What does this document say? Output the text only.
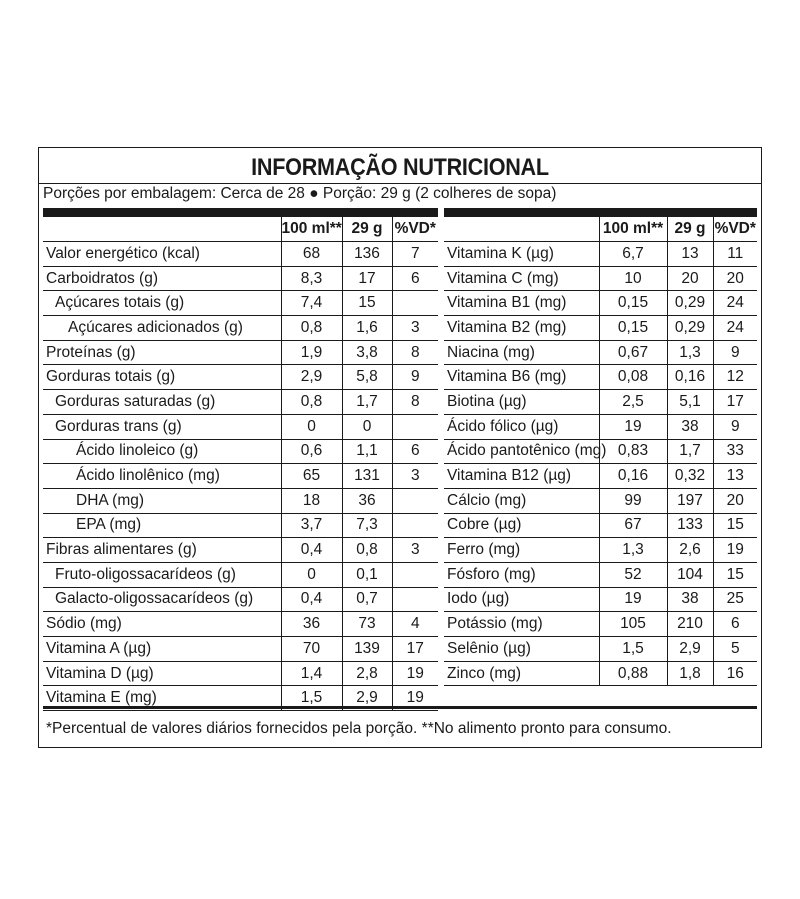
INFORMAÇÃO NUTRICIONAL
Porções por embalagem: Cerca de 28 ● Porção: 29 g (2 colheres de sopa)
	100 ml**	29 g	%VD*
Valor energético (kcal)	68	136	7
Carboidratos (g)	8,3	17	6
Açúcares totais (g)	7,4	15	
Açúcares adicionados (g)	0,8	1,6	3
Proteínas (g)	1,9	3,8	8
Gorduras totais (g)	2,9	5,8	9
Gorduras saturadas (g)	0,8	1,7	8
Gorduras trans (g)	0	0	
Ácido linoleico (g)	0,6	1,1	6
Ácido linolênico (mg)	65	131	3
DHA (mg)	18	36	
EPA (mg)	3,7	7,3	
Fibras alimentares (g)	0,4	0,8	3
Fruto-oligossacarídeos (g)	0	0,1	
Galacto-oligossacarídeos (g)	0,4	0,7	
Sódio (mg)	36	73	4
Vitamina A (µg)	70	139	17
Vitamina D (µg)	1,4	2,8	19
Vitamina E (mg)	1,5	2,9	19
	100 ml**	29 g	%VD*
Vitamina K (µg)	6,7	13	11
Vitamina C (mg)	10	20	20
Vitamina B1 (mg)	0,15	0,29	24
Vitamina B2 (mg)	0,15	0,29	24
Niacina (mg)	0,67	1,3	9
Vitamina B6 (mg)	0,08	0,16	12
Biotina (µg)	2,5	5,1	17
Ácido fólico (µg)	19	38	9
Ácido pantotênico (mg)	0,83	1,7	33
Vitamina B12 (µg)	0,16	0,32	13
Cálcio (mg)	99	197	20
Cobre (µg)	67	133	15
Ferro (mg)	1,3	2,6	19
Fósforo (mg)	52	104	15
Iodo (µg)	19	38	25
Potássio (mg)	105	210	6
Selênio (µg)	1,5	2,9	5
Zinco (mg)	0,88	1,8	16
*Percentual de valores diários fornecidos pela porção. **No alimento pronto para consumo.
